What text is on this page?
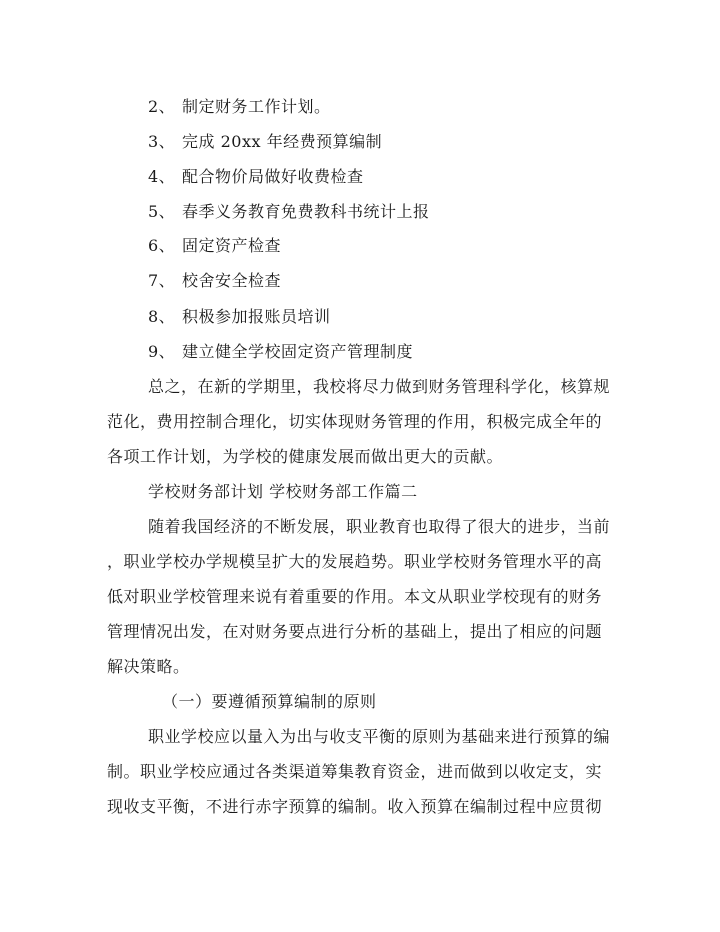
2、 制定财务工作计划。
3、 完成 20xx 年经费预算编制
4、 配合物价局做好收费检查
5、 春季义务教育免费教科书统计上报
6、 固定资产检查
7、 校舍安全检查
8、 积极参加报账员培训
9、 建立健全学校固定资产管理制度
总之，在新的学期里，我校将尽力做到财务管理科学化，核算规
范化，费用控制合理化，切实体现财务管理的作用，积极完成全年的
各项工作计划，为学校的健康发展而做出更大的贡献。
学校财务部计划 学校财务部工作篇二
随着我国经济的不断发展，职业教育也取得了很大的进步，当前
，职业学校办学规模呈扩大的发展趋势。职业学校财务管理水平的高
低对职业学校管理来说有着重要的作用。本文从职业学校现有的财务
管理情况出发，在对财务要点进行分析的基础上，提出了相应的问题
解决策略。
（一）要遵循预算编制的原则
职业学校应以量入为出与收支平衡的原则为基础来进行预算的编
制。职业学校应通过各类渠道筹集教育资金，进而做到以收定支，实
现收支平衡，不进行赤字预算的编制。收入预算在编制过程中应贯彻
